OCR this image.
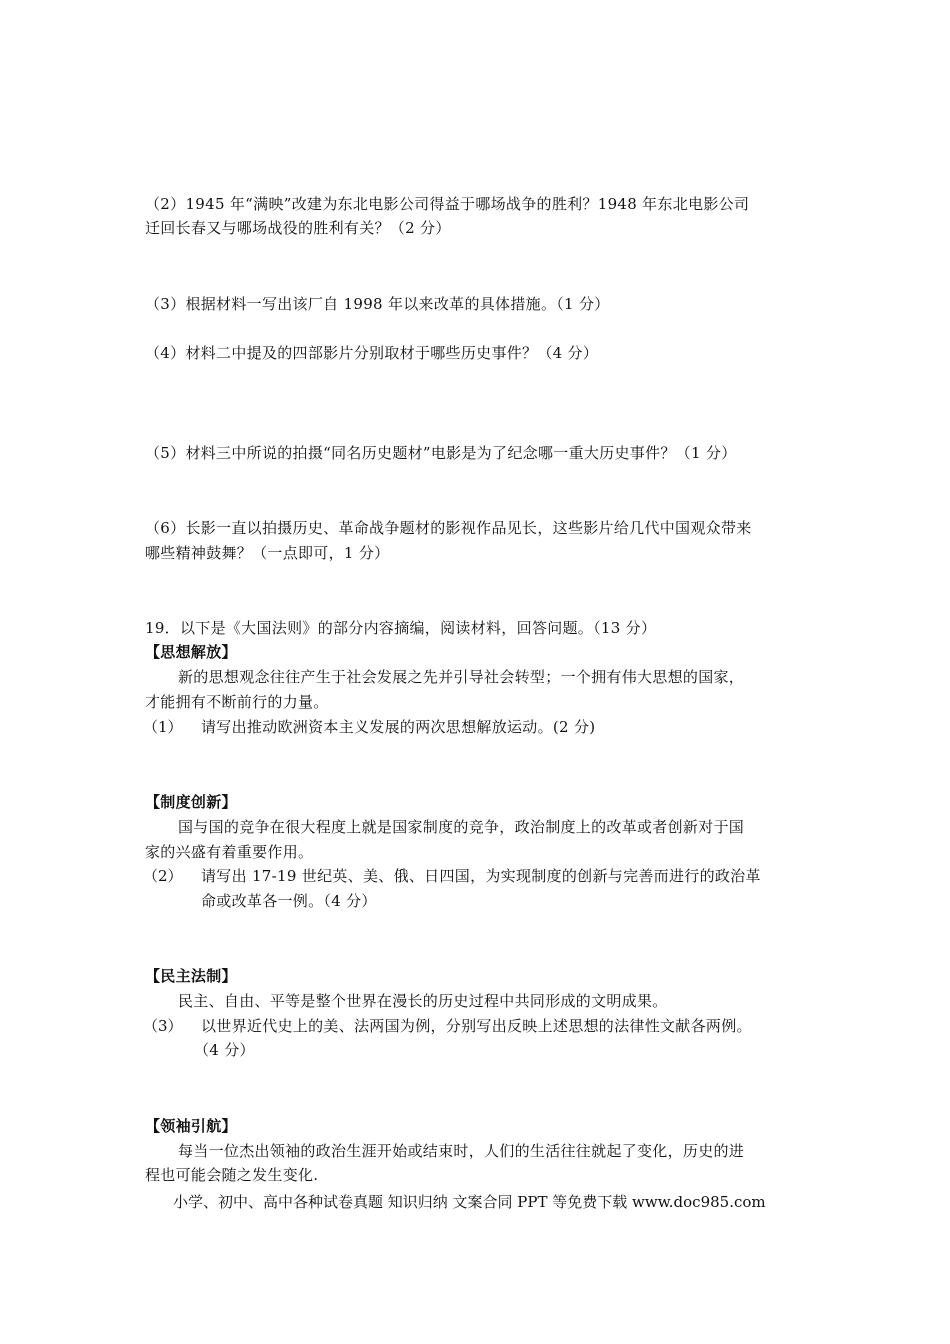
（2）1945 年“满映”改建为东北电影公司得益于哪场战争的胜利？1948 年东北电影公司
迁回长春又与哪场战役的胜利有关？（2 分）
（3）根据材料一写出该厂自 1998 年以来改革的具体措施。（1 分）
（4）材料二中提及的四部影片分别取材于哪些历史事件？（4 分）
（5）材料三中所说的拍摄“同名历史题材”电影是为了纪念哪一重大历史事件？（1 分）
（6）长影一直以拍摄历史、革命战争题材的影视作品见长，这些影片给几代中国观众带来
哪些精神鼓舞？（一点即可，1 分）
19．以下是《大国法则》的部分内容摘编，阅读材料，回答问题。（13 分）
【思想解放】
新的思想观念往往产生于社会发展之先并引导社会转型；一个拥有伟大思想的国家，
才能拥有不断前行的力量。
（1） 请写出推动欧洲资本主义发展的两次思想解放运动。(2 分)
【制度创新】
国与国的竞争在很大程度上就是国家制度的竞争，政治制度上的改革或者创新对于国
家的兴盛有着重要作用。
（2） 请写出 17-19 世纪英、美、俄、日四国，为实现制度的创新与完善而进行的政治革
命或改革各一例。（4 分）
【民主法制】
民主、自由、平等是整个世界在漫长的历史过程中共同形成的文明成果。
（3） 以世界近代史上的美、法两国为例，分别写出反映上述思想的法律性文献各两例。
（4 分）
【领袖引航】
每当一位杰出领袖的政治生涯开始或结束时，人们的生活往往就起了变化，历史的进
程也可能会随之发生变化.
小学、初中、高中各种试卷真题 知识归纳 文案合同 PPT 等免费下载 www.doc985.com
